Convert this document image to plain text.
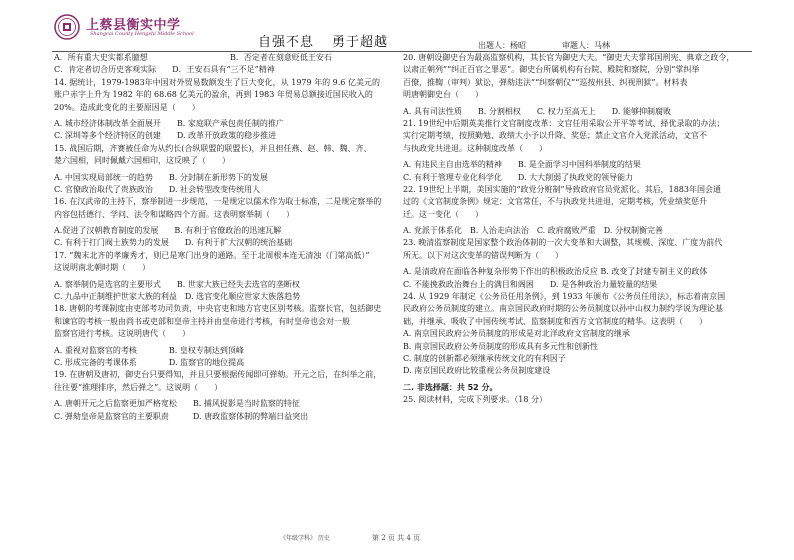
上蔡县衡实中学
Shangcai County Hengshi Middle School
自强不息 勇于超越	出题人：杨昭	审题人：马林
A．所有重大史实都系臆想	B．否定者在刻意贬低王安石
C．肯定者切合历史客观实际　　D．王安石具有“三不足”精神
14. 据统计，1979-1983年中国对外贸易数额发生了巨大变化，从 1979 年的 9.6 亿美元的
账户赤字上升为 1982 年的 68.68 亿美元的盈余，再到 1983 年贸易总额接近国民收入的
20%。造成此变化的主要原因是（　　）
A. 城市经济体制改革全面展开　　B. 家庭联产承包责任制的推广
C. 深圳等多个经济特区的创建　　D. 改革开放政策的稳步推进
15. 战国后期，齐赛被任命为从约长(合纵联盟的联盟长)，并且担任燕、赵、韩、魏、齐、
楚六国相，同时佩戴六国相印，这反映了（　　）
A. 中国实现局部统一的趋势　　B. 分封制在新形势下的发展
C. 官僚政治取代了贵族政治　　D. 社会转型改变传统用人
16. 在汉武帝的主持下，察举制进一步规范，一是规定以儒术作为取士标准，二是规定察举的
内容包括德行、学问、法令和谋略四个方面。这表明察举制（　　）
A.促进了汉朝教育制度的发展　　B. 有利于官僚政治的迅速瓦解
C. 有利于打门阀士族势力的发展　　D. 有利于扩大汉朝的统治基础
17. “魏末北齐的孝廉秀才，则已是寒门出身的通路。至于北周根本连无清浊（门第高低）”
这说明南北朝时期（　　）
A. 察举制仍是选官的主要形式　　B. 世家大族已经失去选官的垄断权
C. 九品中正制维护世家大族的利益　D. 选官变化顺应世家大族落趋势
18. 唐朝的考课制度由吏部考功司负责，中央官吏和地方官吏区别考核。监察长官，包括御史
和谏官的考核一般由尚书或吏部和皇帝主持并由皇帝进行考核，有时皇帝也会对一般
监察官进行考核。这说明唐代（　　）
A. 重视对监察官的考核　　　　B. 皇权专制达到顶峰
C. 形成完备的考课体系　　　　D. 监察官的地位提高
19. 在唐朝及唐初，御史台只要得知，并且只要根据传闻即可弹劾。开元之后，在纠举之前，
往往要“推理排序，然后弹之”。这说明（　　）
A. 唐朝开元之后监察更加严格宽松　　B. 捕风捉影是当时监察的特征
C. 弹劾皇帝是监察官的主要职责　　　D. 唐政监察体制的弊端日益突出
20. 唐朝设御史台为最高监察机构，其长官为御史大夫。“御史大夫掌邦国刑宪、典章之政令，
以肃正朝列”“纠正百官之罪恶”。御史台所属机构有台院、殿院和察院，分别“掌纠举
百僚，推鞫（审判）狱讼，弹劾违法”“纠察朝仪”“巡按州县、纠视刑狱”。材料表
明唐朝御史台（　　）
A. 具有司法性质　　B. 分割相权　　C. 权力至高无上　　D. 能够抑制腐败
21. 19世纪中后期英美推行文官制度改革：文官任用采取公开平等考试、择优录取的办法；
实行定期考绩，按照勤勉、政绩大小予以升降、奖惩；禁止文官介入党派活动，文官不
与执政党共进退。这种制度改革（　　）
A. 有违民主自由选举的精神　　B. 是全面学习中国科举制度的结果
C. 有利于管理专业化科学化　　D. 大大削弱了执政党的领导能力
22. 19世纪上半期，美国实施的“政党分赃制”导致政府官员党派化。其后，1883年国会通
过的《文官制度条例》规定：文官常任，不与执政党共进退，定期考核，凭业绩奖惩升
迁。这一变化（　　）
A. 党派于体系化　B. 人治走向法治　C. 政府腐败严重　D. 分权制衡完善
23. 晚清监察制度是国家整个政治体制的一次大变革和大调整，其规模、深度、广度为前代
所无。以下对这次变革的错误判断为（　　）
A. 是清政府在面临各种复杂形势下作出的积极政治反应 B. 改变了封建专制主义的政体
C. 不能挽救政治舞台上的满目和阁困　　D. 是各种政治力量较量的结果
24. 从 1929 年制定《公务员任用条例》，到 1933 年颁布《公务员任用法》，标志着南京国
民政府公务员制度的建立。南京国民政府时期的公务员制度以孙中山权力制约学说为理论基
础，并继承、吸收了中国传统考试、监察制度和西方文官制度的精华。这表明（　　）
A. 南京国民政府公务员制度的形成是对北洋政府文官制度的继承
B. 南京国民政府公务员制度的形成具有多元性和创新性
C. 制度的创新都必须继承传统文化的有利因子
D. 南京国民政府比较重视公务员制度建设
二. 非选择题：共 52 分。
25. 阅读材料，完成下列要求。（18 分）
《年级学科》 历史	第 2 页 共 4 页
